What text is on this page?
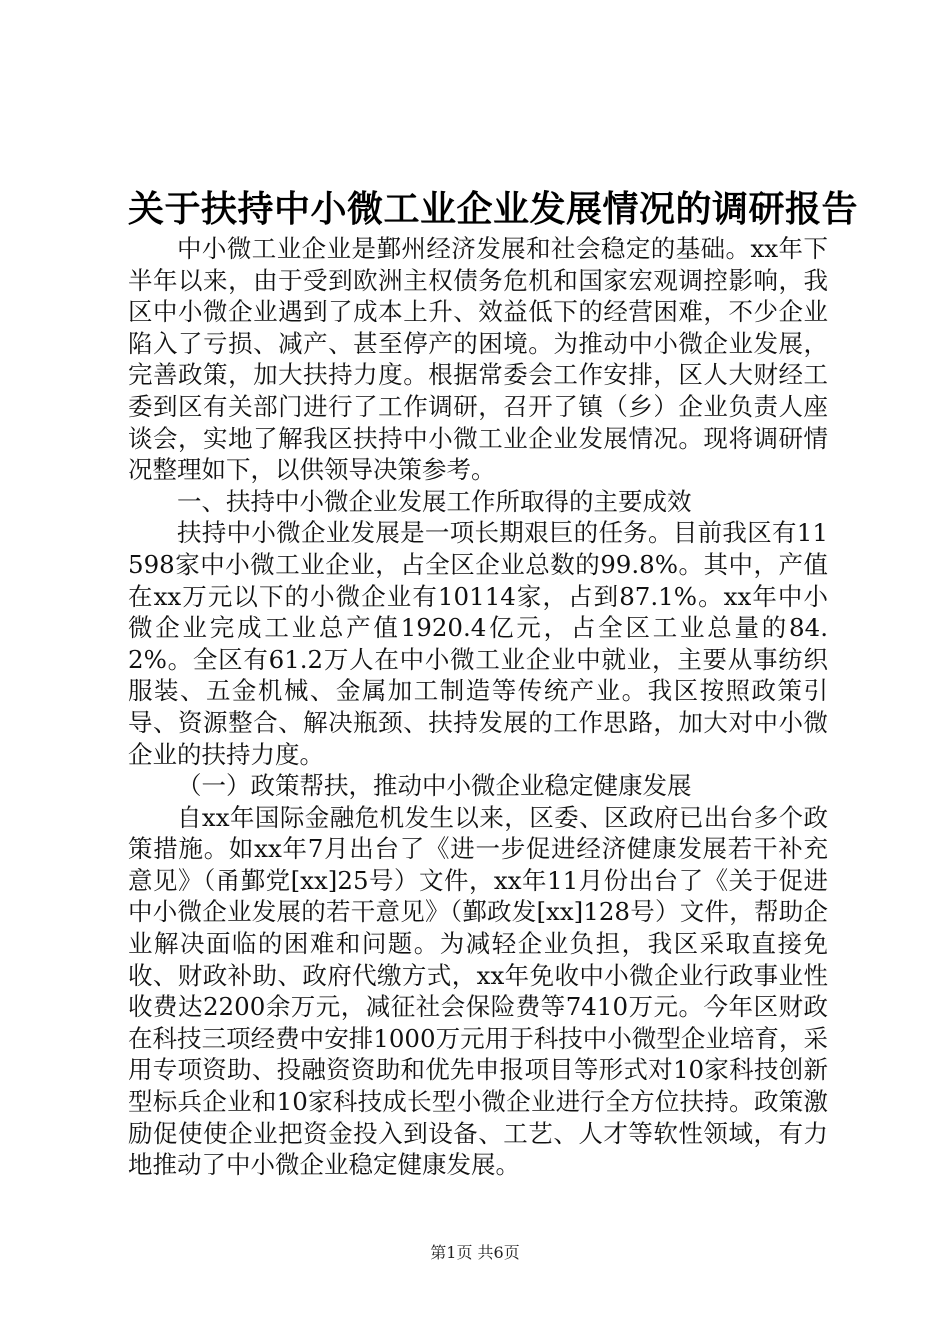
关于扶持中小微工业企业发展情况的调研报告

中小微工业企业是鄞州经济发展和社会稳定的基础。xx年下半年以来，由于受到欧洲主权债务危机和国家宏观调控影响，我区中小微企业遇到了成本上升、效益低下的经营困难，不少企业陷入了亏损、减产、甚至停产的困境。为推动中小微企业发展，完善政策，加大扶持力度。根据常委会工作安排，区人大财经工委到区有关部门进行了工作调研，召开了镇（乡）企业负责人座谈会，实地了解我区扶持中小微工业企业发展情况。现将调研情况整理如下，以供领导决策参考。

一、扶持中小微企业发展工作所取得的主要成效

扶持中小微企业发展是一项长期艰巨的任务。目前我区有11598家中小微工业企业，占全区企业总数的99.8%。其中，产值在xx万元以下的小微企业有10114家，占到87.1%。xx年中小微企业完成工业总产值1920.4亿元，占全区工业总量的84.2%。全区有61.2万人在中小微工业企业中就业，主要从事纺织服装、五金机械、金属加工制造等传统产业。我区按照政策引导、资源整合、解决瓶颈、扶持发展的工作思路，加大对中小微企业的扶持力度。

（一）政策帮扶，推动中小微企业稳定健康发展

自xx年国际金融危机发生以来，区委、区政府已出台多个政策措施。如xx年7月出台了《进一步促进经济健康发展若干补充意见》（甬鄞党[xx]25号）文件，xx年11月份出台了《关于促进中小微企业发展的若干意见》（鄞政发[xx]128号）文件，帮助企业解决面临的困难和问题。为减轻企业负担，我区采取直接免收、财政补助、政府代缴方式，xx年免收中小微企业行政事业性收费达2200余万元，减征社会保险费等7410万元。今年区财政在科技三项经费中安排1000万元用于科技中小微型企业培育，采用专项资助、投融资资助和优先申报项目等形式对10家科技创新型标兵企业和10家科技成长型小微企业进行全方位扶持。政策激励促使使企业把资金投入到设备、工艺、人才等软性领域，有力地推动了中小微企业稳定健康发展。

第1页 共6页
